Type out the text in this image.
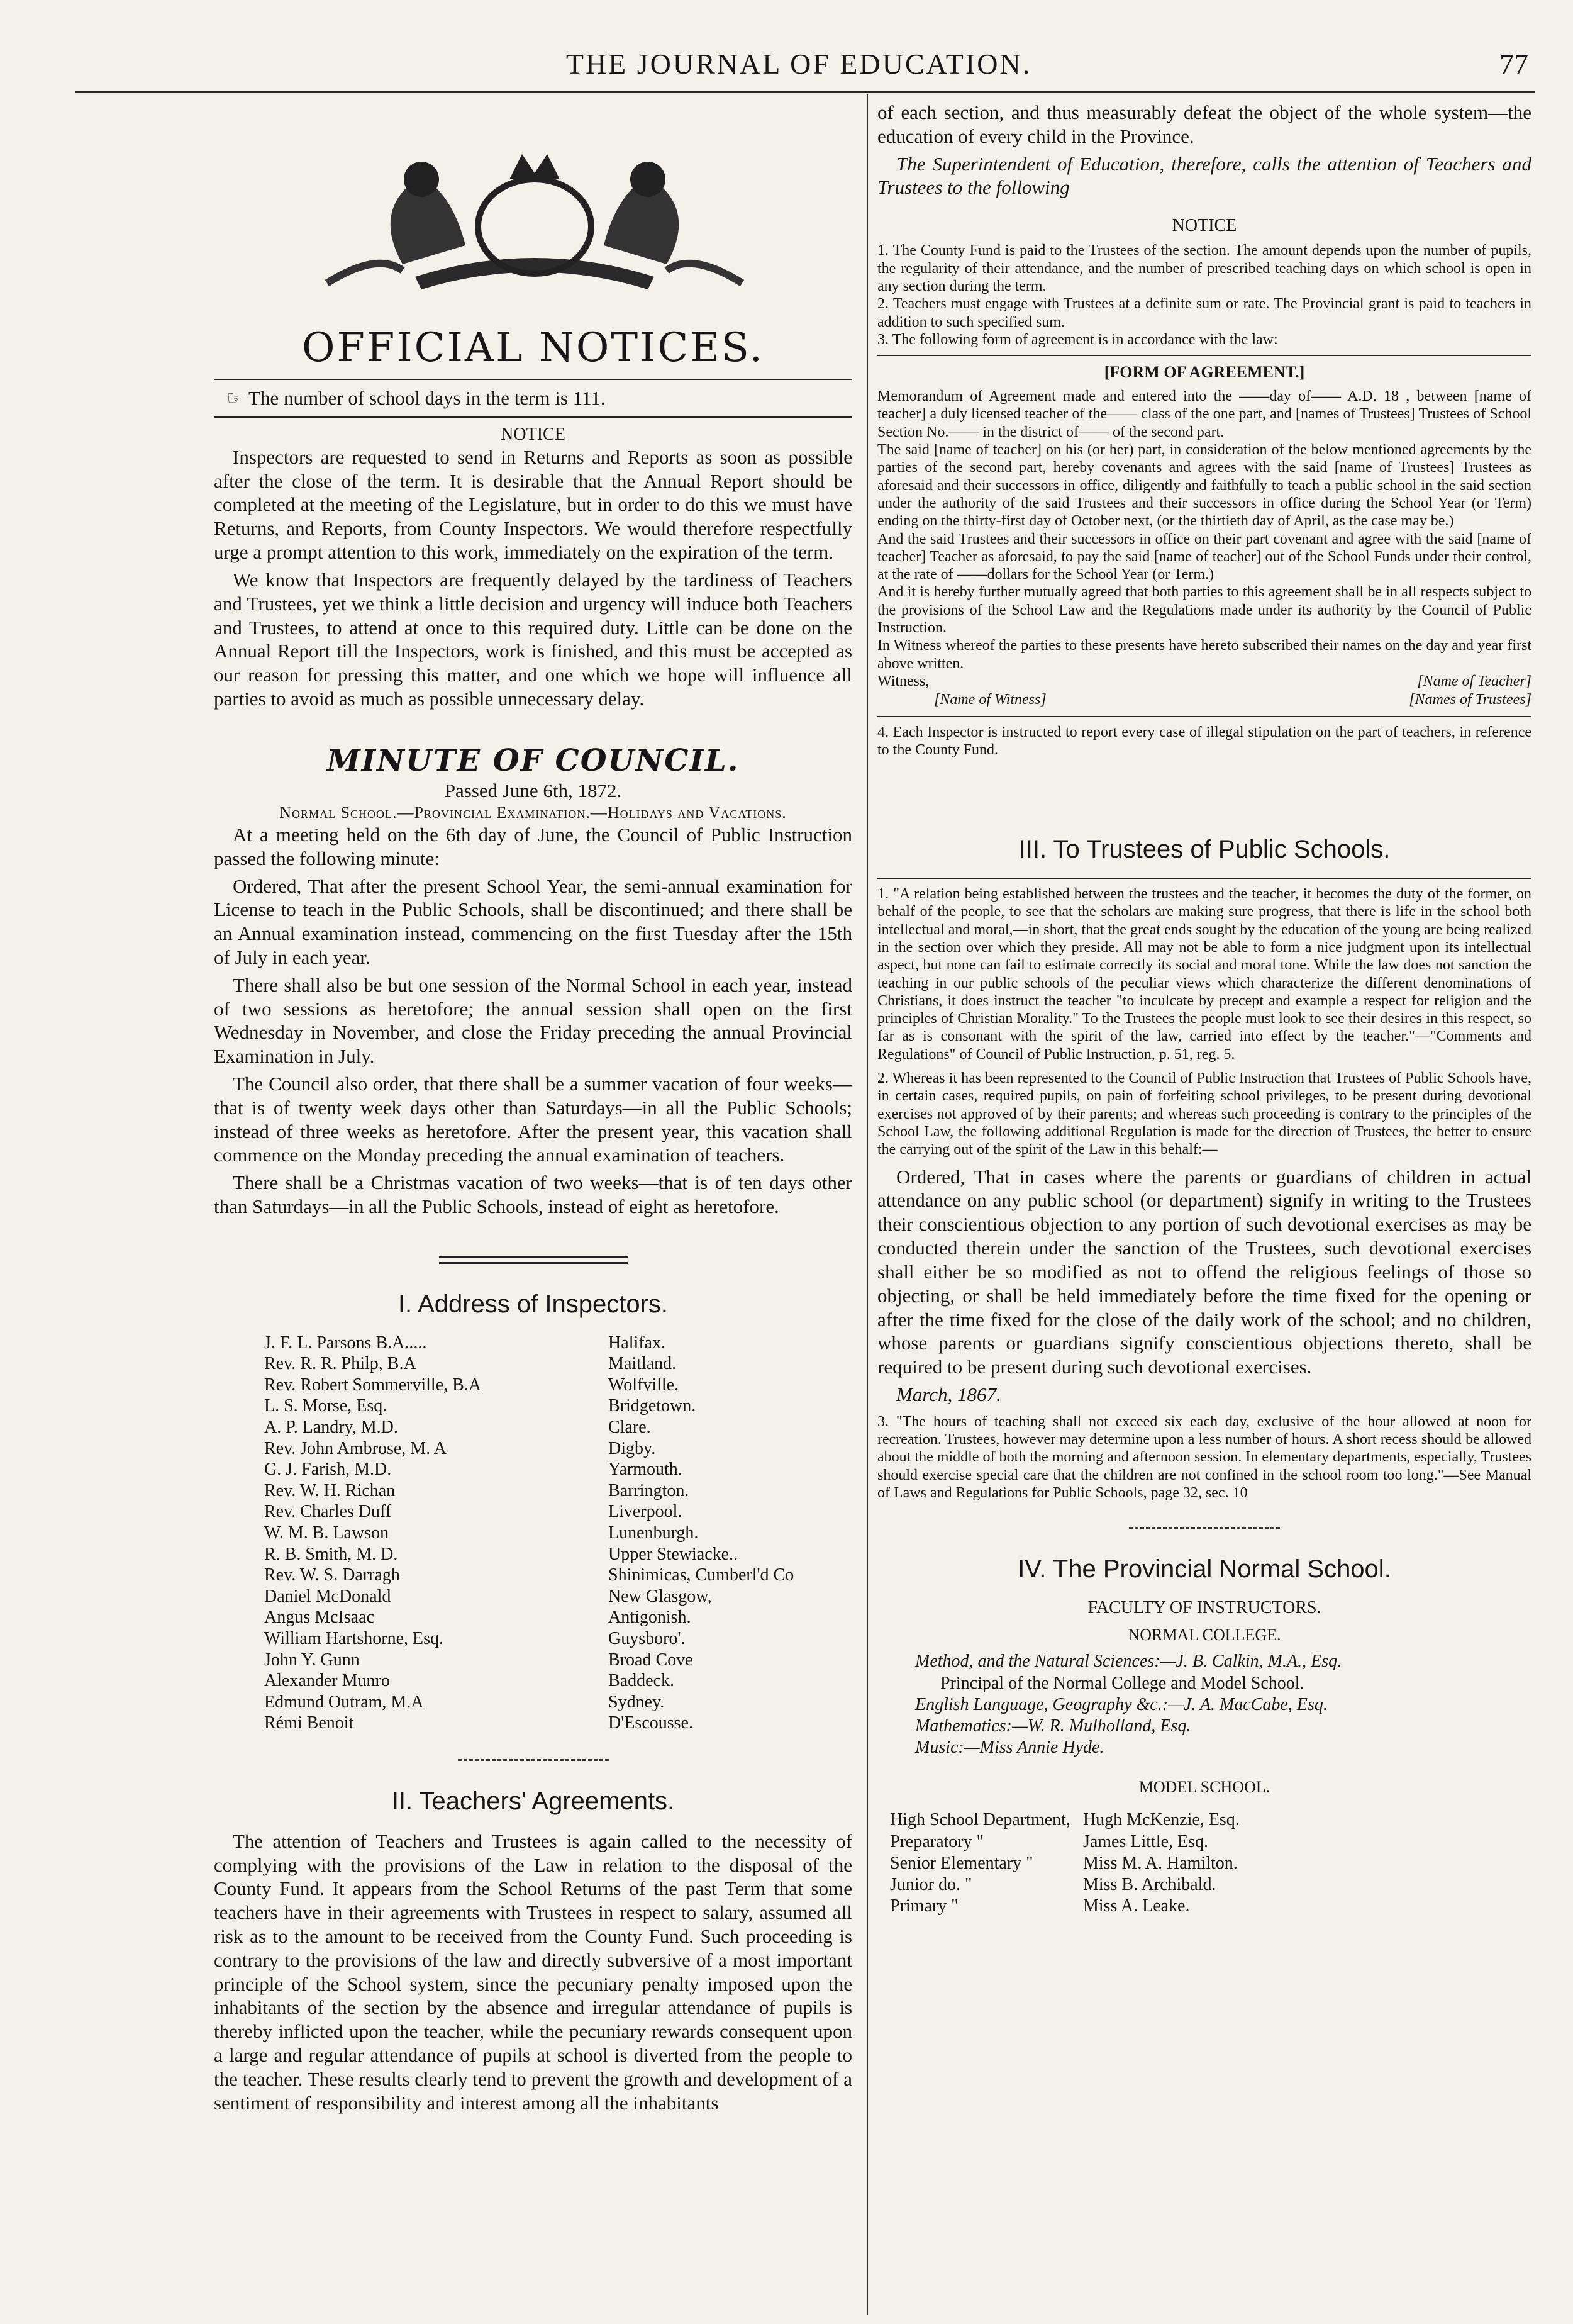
THE JOURNAL OF EDUCATION.	77
OFFICIAL NOTICES.
☞ The number of school days in the term is 111.
NOTICE

Inspectors are requested to send in Returns and Reports as soon as possible after the close of the term. It is desirable that the Annual Report should be completed at the meeting of the Legislature, but in order to do this we must have Returns, and Reports, from County Inspectors. We would therefore respectfully urge a prompt attention to this work, immediately on the expiration of the term.

We know that Inspectors are frequently delayed by the tardiness of Teachers and Trustees, yet we think a little decision and urgency will induce both Teachers and Trustees, to attend at once to this required duty. Little can be done on the Annual Report till the Inspectors, work is finished, and this must be accepted as our reason for pressing this matter, and one which we hope will influence all parties to avoid as much as possible unnecessary delay.

MINUTE OF COUNCIL.
Passed June 6th, 1872.
Normal School.—Provincial Examination.—Holidays and Vacations.

At a meeting held on the 6th day of June, the Council of Public Instruction passed the following minute:

Ordered, That after the present School Year, the semi-annual examination for License to teach in the Public Schools, shall be discontinued; and there shall be an Annual examination instead, commencing on the first Tuesday after the 15th of July in each year.

There shall also be but one session of the Normal School in each year, instead of two sessions as heretofore; the annual session shall open on the first Wednesday in November, and close the Friday preceding the annual Provincial Examination in July.

The Council also order, that there shall be a summer vacation of four weeks—that is of twenty week days other than Saturdays—in all the Public Schools; instead of three weeks as heretofore. After the present year, this vacation shall commence on the Monday preceding the annual examination of teachers.

There shall be a Christmas vacation of two weeks—that is of ten days other than Saturdays—in all the Public Schools, instead of eight as heretofore.

I. Address of Inspectors.
J. F. L. Parsons B.A.....	Halifax.
Rev. R. R. Philp, B.A	Maitland.
Rev. Robert Sommerville, B.A	Wolfville.
L. S. Morse, Esq.	Bridgetown.
A. P. Landry, M.D.	Clare.
Rev. John Ambrose, M. A	Digby.
G. J. Farish, M.D.	Yarmouth.
Rev. W. H. Richan	Barrington.
Rev. Charles Duff	Liverpool.
W. M. B. Lawson	Lunenburgh.
R. B. Smith, M. D.	Upper Stewiacke..
Rev. W. S. Darragh	Shinimicas, Cumberl'd Co
Daniel McDonald	New Glasgow,
Angus McIsaac	Antigonish.
William Hartshorne, Esq.	Guysboro'.
John Y. Gunn	Broad Cove
Alexander Munro	Baddeck.
Edmund Outram, M.A	Sydney.
Rémi Benoit	D'Escousse.
II. Teachers' Agreements.

The attention of Teachers and Trustees is again called to the necessity of complying with the provisions of the Law in relation to the disposal of the County Fund. It appears from the School Returns of the past Term that some teachers have in their agreements with Trustees in respect to salary, assumed all risk as to the amount to be received from the County Fund. Such proceeding is contrary to the provisions of the law and directly subversive of a most important principle of the School system, since the pecuniary penalty imposed upon the inhabitants of the section by the absence and irregular attendance of pupils is thereby inflicted upon the teacher, while the pecuniary rewards consequent upon a large and regular attendance of pupils at school is diverted from the people to the teacher. These results clearly tend to prevent the growth and development of a sentiment of responsibility and interest among all the inhabitants

of each section, and thus measurably defeat the object of the whole system—the education of every child in the Province.

The Superintendent of Education, therefore, calls the attention of Teachers and Trustees to the following

NOTICE
1. The County Fund is paid to the Trustees of the section. The amount depends upon the number of pupils, the regularity of their attendance, and the number of prescribed teaching days on which school is open in any section during the term.
2. Teachers must engage with Trustees at a definite sum or rate. The Provincial grant is paid to teachers in addition to such specified sum.
3. The following form of agreement is in accordance with the law:
[FORM OF AGREEMENT.]
Memorandum of Agreement made and entered into the ——day of—— A.D. 18 , between [name of teacher] a duly licensed teacher of the—— class of the one part, and [names of Trustees] Trustees of School Section No.—— in the district of—— of the second part.
The said [name of teacher] on his (or her) part, in consideration of the below mentioned agreements by the parties of the second part, hereby covenants and agrees with the said [name of Trustees] Trustees as aforesaid and their successors in office, diligently and faithfully to teach a public school in the said section under the authority of the said Trustees and their successors in office during the School Year (or Term) ending on the thirty-first day of October next, (or the thirtieth day of April, as the case may be.)
And the said Trustees and their successors in office on their part covenant and agree with the said [name of teacher] Teacher as aforesaid, to pay the said [name of teacher] out of the School Funds under their control, at the rate of ——dollars for the School Year (or Term.)
And it is hereby further mutually agreed that both parties to this agreement shall be in all respects subject to the provisions of the School Law and the Regulations made under its authority by the Council of Public Instruction.
In Witness whereof the parties to these presents have hereto subscribed their names on the day and year first above written.
Witness,	[Name of Teacher]
[Name of Witness]	[Names of Trustees]
4. Each Inspector is instructed to report every case of illegal stipulation on the part of teachers, in reference to the County Fund.
III. To Trustees of Public Schools.
1. "A relation being established between the trustees and the teacher, it becomes the duty of the former, on behalf of the people, to see that the scholars are making sure progress, that there is life in the school both intellectual and moral,—in short, that the great ends sought by the education of the young are being realized in the section over which they preside. All may not be able to form a nice judgment upon its intellectual aspect, but none can fail to estimate correctly its social and moral tone. While the law does not sanction the teaching in our public schools of the peculiar views which characterize the different denominations of Christians, it does instruct the teacher "to inculcate by precept and example a respect for religion and the principles of Christian Morality." To the Trustees the people must look to see their desires in this respect, so far as is consonant with the spirit of the law, carried into effect by the teacher."—"Comments and Regulations" of Council of Public Instruction, p. 51, reg. 5.
2. Whereas it has been represented to the Council of Public Instruction that Trustees of Public Schools have, in certain cases, required pupils, on pain of forfeiting school privileges, to be present during devotional exercises not approved of by their parents; and whereas such proceeding is contrary to the principles of the School Law, the following additional Regulation is made for the direction of Trustees, the better to ensure the carrying out of the spirit of the Law in this behalf:—

Ordered, That in cases where the parents or guardians of children in actual attendance on any public school (or department) signify in writing to the Trustees their conscientious objection to any portion of such devotional exercises as may be conducted therein under the sanction of the Trustees, such devotional exercises shall either be so modified as not to offend the religious feelings of those so objecting, or shall be held immediately before the time fixed for the opening or after the time fixed for the close of the daily work of the school; and no children, whose parents or guardians signify conscientious objections thereto, shall be required to be present during such devotional exercises.

March, 1867.
3. "The hours of teaching shall not exceed six each day, exclusive of the hour allowed at noon for recreation. Trustees, however may determine upon a less number of hours. A short recess should be allowed about the middle of both the morning and afternoon session. In elementary departments, especially, Trustees should exercise special care that the children are not confined in the school room too long."—See Manual of Laws and Regulations for Public Schools, page 32, sec. 10
IV. The Provincial Normal School.
FACULTY OF INSTRUCTORS.
NORMAL COLLEGE.
Method, and the Natural Sciences:—J. B. Calkin, M.A., Esq.
Principal of the Normal College and Model School.
English Language, Geography &c.:—J. A. MacCabe, Esq.
Mathematics:—W. R. Mulholland, Esq.
Music:—Miss Annie Hyde.
MODEL SCHOOL.
High School Department,	Hugh McKenzie, Esq.
Preparatory "	James Little, Esq.
Senior Elementary "	Miss M. A. Hamilton.
Junior do. "	Miss B. Archibald.
Primary "	Miss A. Leake.
